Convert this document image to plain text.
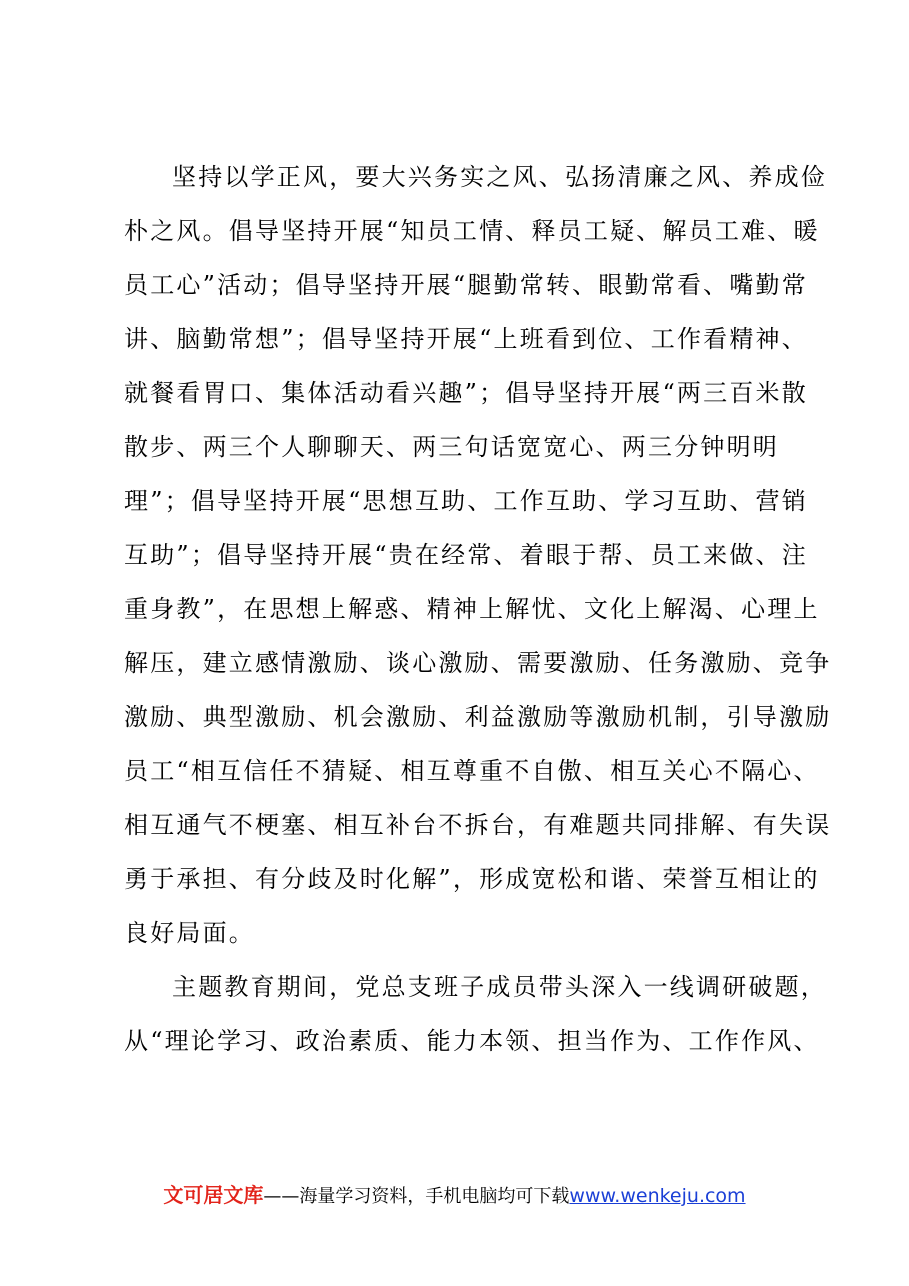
坚持以学正风，要大兴务实之风、弘扬清廉之风、养成俭
朴之风。倡导坚持开展“知员工情、释员工疑、解员工难、暖
员工心”活动；倡导坚持开展“腿勤常转、眼勤常看、嘴勤常
讲、脑勤常想”；倡导坚持开展“上班看到位、工作看精神、
就餐看胃口、集体活动看兴趣”；倡导坚持开展“两三百米散
散步、两三个人聊聊天、两三句话宽宽心、两三分钟明明
理”；倡导坚持开展“思想互助、工作互助、学习互助、营销
互助”；倡导坚持开展“贵在经常、着眼于帮、员工来做、注
重身教”，在思想上解惑、精神上解忧、文化上解渴、心理上
解压，建立感情激励、谈心激励、需要激励、任务激励、竞争
激励、典型激励、机会激励、利益激励等激励机制，引导激励
员工“相互信任不猜疑、相互尊重不自傲、相互关心不隔心、
相互通气不梗塞、相互补台不拆台，有难题共同排解、有失误
勇于承担、有分歧及时化解”，形成宽松和谐、荣誉互相让的
良好局面。
主题教育期间，党总支班子成员带头深入一线调研破题，
从“理论学习、政治素质、能力本领、担当作为、工作作风、
文可居文库——海量学习资料，手机电脑均可下载www.wenkeju.com
